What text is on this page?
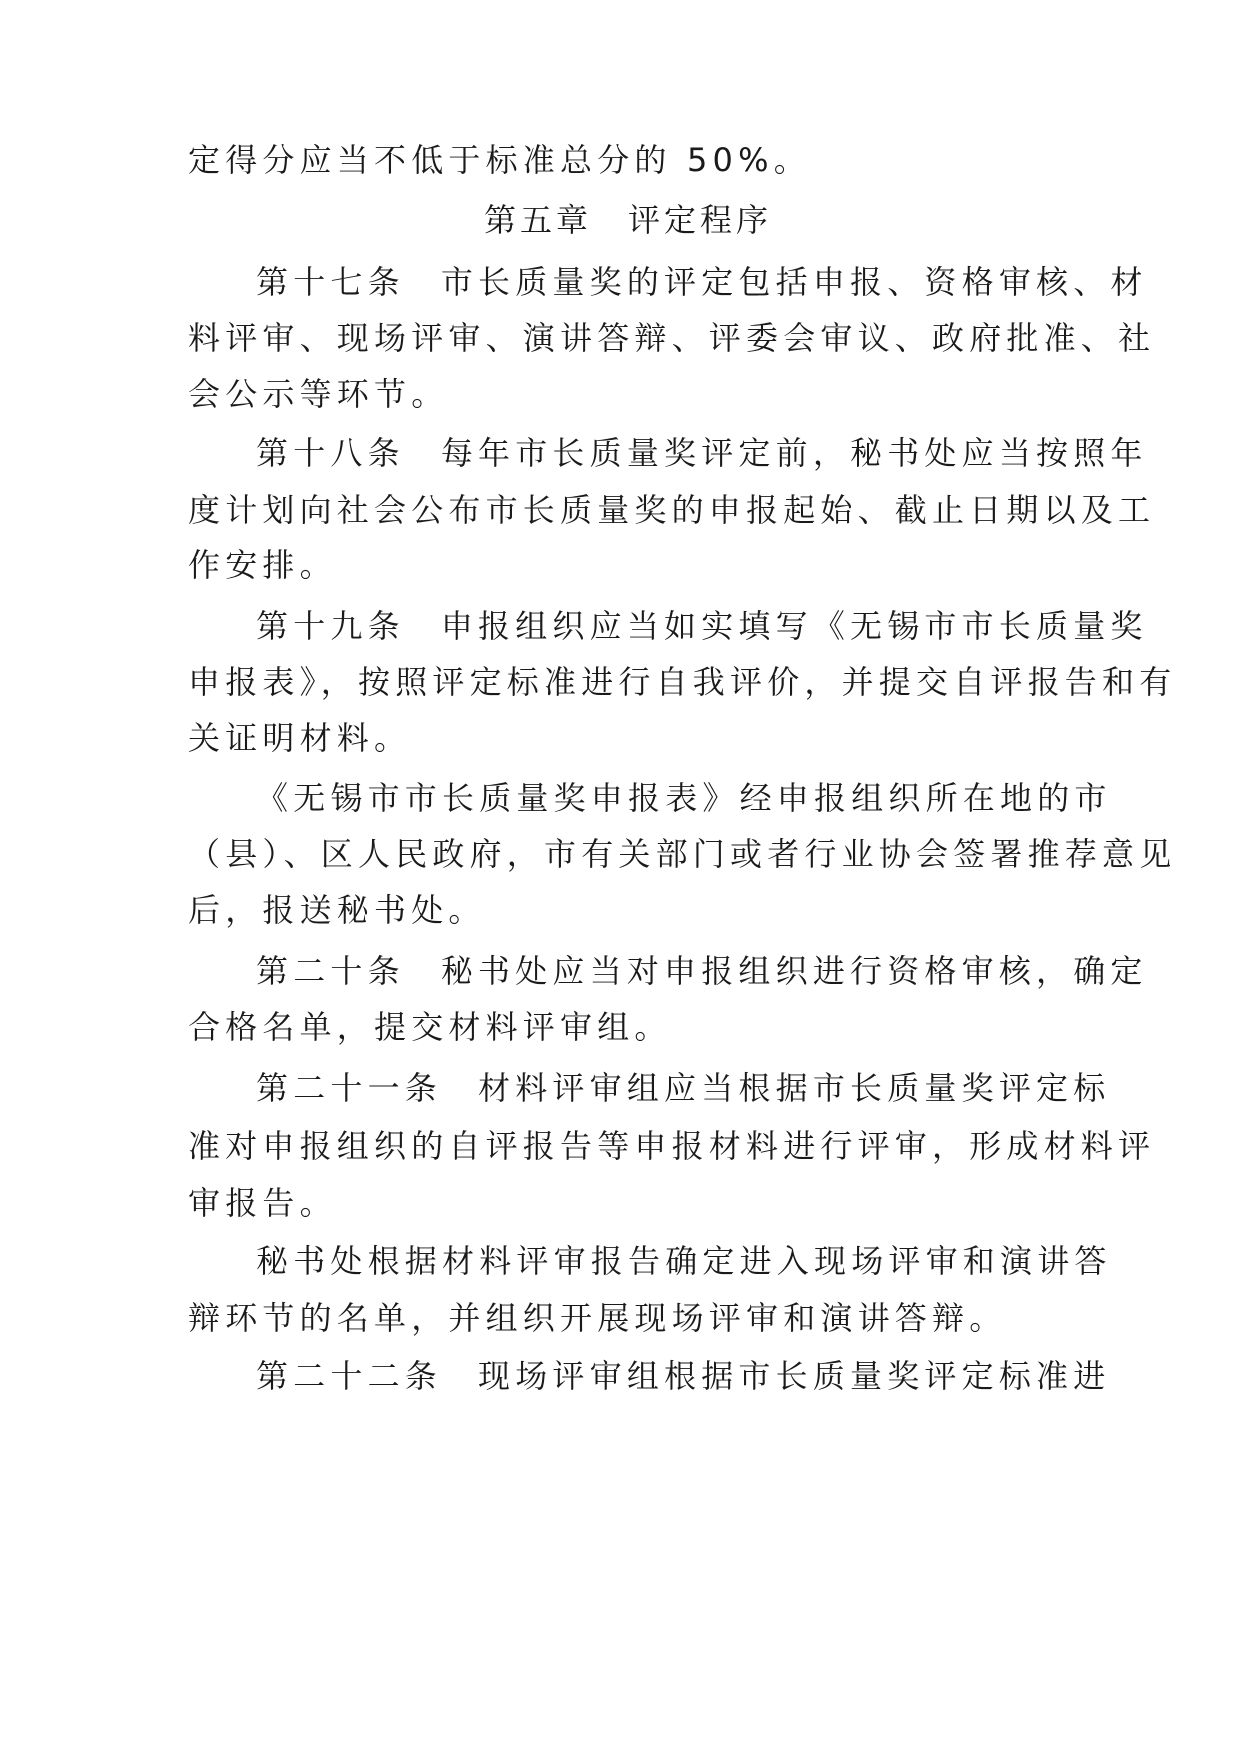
定得分应当不低于标准总分的 50%。
第五章　评定程序
第十七条 市长质量奖的评定包括申报、资格审核、材
料评审、现场评审、演讲答辩、评委会审议、政府批准、社
会公示等环节。
第十八条 每年市长质量奖评定前，秘书处应当按照年
度计划向社会公布市长质量奖的申报起始、截止日期以及工
作安排。
第十九条 申报组织应当如实填写《无锡市市长质量奖
申报表》，按照评定标准进行自我评价，并提交自评报告和有
关证明材料。
《无锡市市长质量奖申报表》经申报组织所在地的市
（县）、区人民政府，市有关部门或者行业协会签署推荐意见
后，报送秘书处。
第二十条 秘书处应当对申报组织进行资格审核，确定
合格名单，提交材料评审组。
第二十一条 材料评审组应当根据市长质量奖评定标
准对申报组织的自评报告等申报材料进行评审，形成材料评
审报告。
秘书处根据材料评审报告确定进入现场评审和演讲答
辩环节的名单，并组织开展现场评审和演讲答辩。
第二十二条 现场评审组根据市长质量奖评定标准进
